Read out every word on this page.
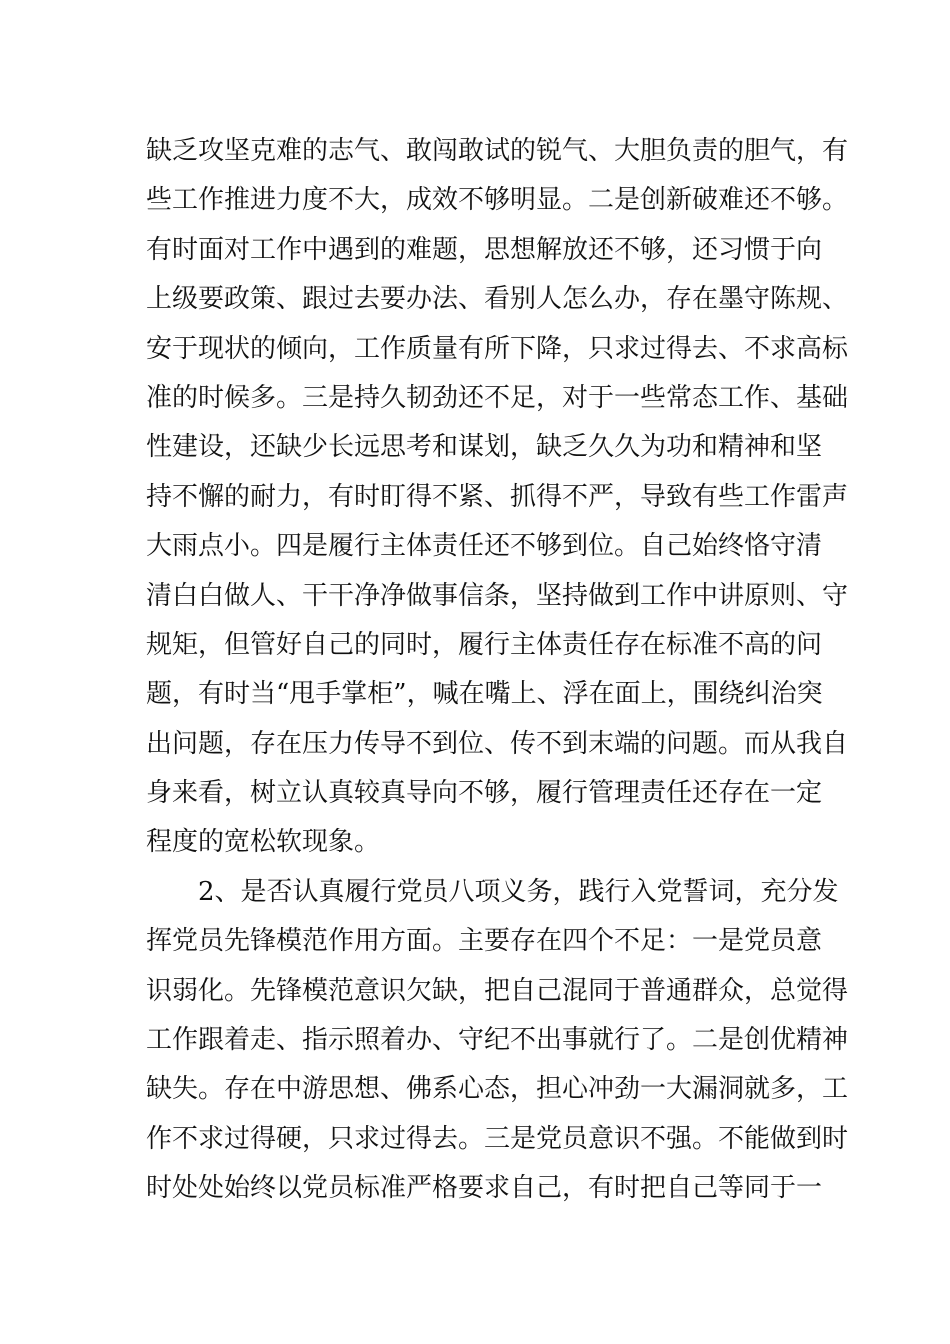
缺乏攻坚克难的志气、敢闯敢试的锐气、大胆负责的胆气，有
些工作推进力度不大，成效不够明显。二是创新破难还不够。
有时面对工作中遇到的难题，思想解放还不够，还习惯于向
上级要政策、跟过去要办法、看别人怎么办，存在墨守陈规、
安于现状的倾向，工作质量有所下降，只求过得去、不求高标
准的时候多。三是持久韧劲还不足，对于一些常态工作、基础
性建设，还缺少长远思考和谋划，缺乏久久为功和精神和坚
持不懈的耐力，有时盯得不紧、抓得不严，导致有些工作雷声
大雨点小。四是履行主体责任还不够到位。自己始终恪守清
清白白做人、干干净净做事信条，坚持做到工作中讲原则、守
规矩，但管好自己的同时，履行主体责任存在标准不高的问
题，有时当“甩手掌柜”，喊在嘴上、浮在面上，围绕纠治突
出问题，存在压力传导不到位、传不到末端的问题。而从我自
身来看，树立认真较真导向不够，履行管理责任还存在一定
程度的宽松软现象。
2、是否认真履行党员八项义务，践行入党誓词，充分发
挥党员先锋模范作用方面。主要存在四个不足：一是党员意
识弱化。先锋模范意识欠缺，把自己混同于普通群众，总觉得
工作跟着走、指示照着办、守纪不出事就行了。二是创优精神
缺失。存在中游思想、佛系心态，担心冲劲一大漏洞就多，工
作不求过得硬，只求过得去。三是党员意识不强。不能做到时
时处处始终以党员标准严格要求自己，有时把自己等同于一
